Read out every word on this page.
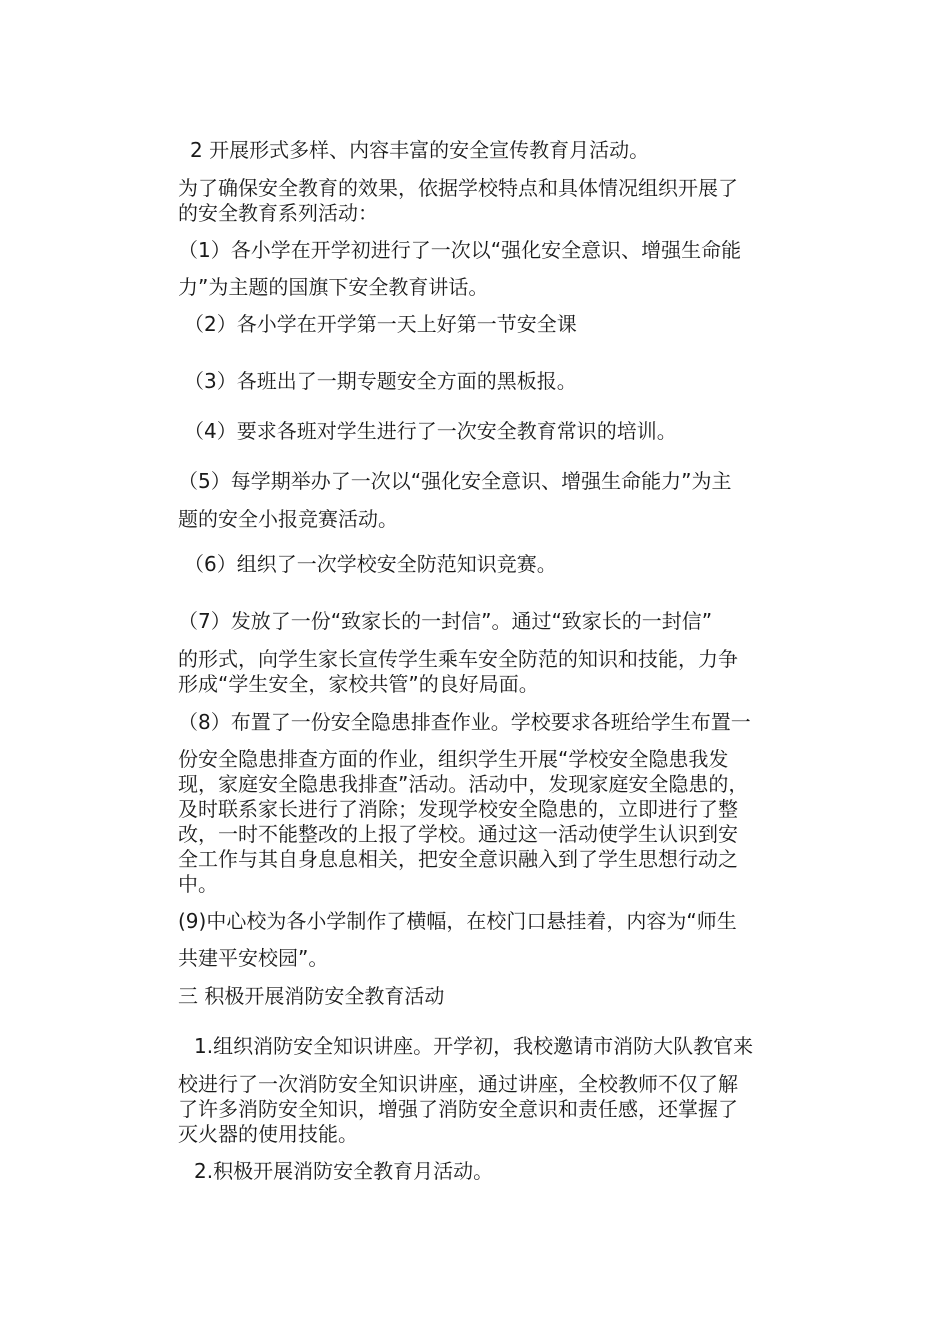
2 开展形式多样、内容丰富的安全宣传教育月活动。
为了确保安全教育的效果，依据学校特点和具体情况组织开展了
的安全教育系列活动：
（1）各小学在开学初进行了一次以“强化安全意识、增强生命能
力”为主题的国旗下安全教育讲话。
（2）各小学在开学第一天上好第一节安全课
（3）各班出了一期专题安全方面的黑板报。
（4）要求各班对学生进行了一次安全教育常识的培训。
（5）每学期举办了一次以“强化安全意识、增强生命能力”为主
题的安全小报竞赛活动。
（6）组织了一次学校安全防范知识竞赛。
（7）发放了一份“致家长的一封信”。通过“致家长的一封信”
的形式，向学生家长宣传学生乘车安全防范的知识和技能，力争
形成“学生安全，家校共管”的良好局面。
（8）布置了一份安全隐患排查作业。学校要求各班给学生布置一
份安全隐患排查方面的作业，组织学生开展“学校安全隐患我发
现，家庭安全隐患我排查”活动。活动中，发现家庭安全隐患的，
及时联系家长进行了消除；发现学校安全隐患的，立即进行了整
改，一时不能整改的上报了学校。通过这一活动使学生认识到安
全工作与其自身息息相关，把安全意识融入到了学生思想行动之
中。
(9)中心校为各小学制作了横幅，在校门口悬挂着，内容为“师生
共建平安校园”。
三 积极开展消防安全教育活动
1.组织消防安全知识讲座。开学初，我校邀请市消防大队教官来
校进行了一次消防安全知识讲座，通过讲座，全校教师不仅了解
了许多消防安全知识，增强了消防安全意识和责任感，还掌握了
灭火器的使用技能。
2.积极开展消防安全教育月活动。
